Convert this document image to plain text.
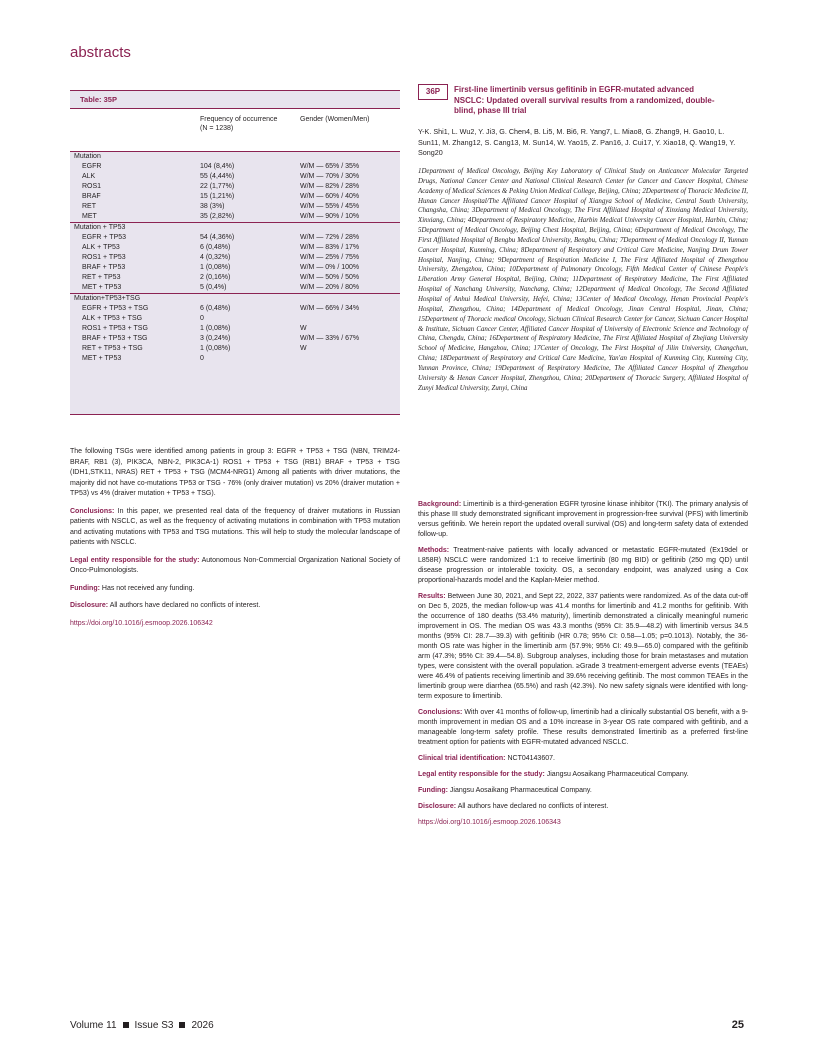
abstracts
Table: 35P
Frequency of occurrence (N = 1238)
Gender (Women/Men)
Mutation
EGFR	104 (8,4%)	W/M — 65% / 35%
ALK	55 (4,44%)	W/M — 70% / 30%
ROS1	22 (1,77%)	W/M — 82% / 28%
BRAF	15 (1,21%)	W/M — 60% / 40%
RET	38 (3%)	W/M — 55% / 45%
MET	35 (2,82%)	W/M — 90% / 10%
Mutation + TP53
EGFR + TP53	54 (4,36%)	W/M — 72% / 28%
ALK + TP53	6 (0,48%)	W/M — 83% / 17%
ROS1 + TP53	4 (0,32%)	W/M — 25% / 75%
BRAF + TP53	1 (0,08%)	W/M — 0% / 100%
RET + TP53	2 (0,16%)	W/M — 50% / 50%
MET + TP53	5 (0,4%)	W/M — 20% / 80%
Mutation+TP53+TSG
EGFR + TP53 + TSG	6 (0,48%)	W/M — 66% / 34%
ALK + TP53 + TSG	0
ROS1 + TP53 + TSG	1 (0,08%)	W
BRAF + TP53 + TSG	3 (0,24%)	W/M — 33% / 67%
RET + TP53 + TSG	1 (0,08%)	W
MET + TP53	0

The following TSGs were identified among patients in group 3: EGFR + TP53 + TSG (NBN, TRIM24-BRAF, RB1 (3), PIK3CA, NBN-2, PIK3CA-1) ROS1 + TP53 + TSG (RB1) BRAF + TP53 + TSG (IDH1,STK11, NRAS) RET + TP53 + TSG (MCM4-NRG1) Among all patients with driver mutations, the majority did not have co-mutations TP53 or TSG - 76% (only draiver mutation) vs 20% (draiver mutation + TP53) vs 4% (draiver mutation + TP53 + TSG).

Conclusions: In this paper, we presented real data of the frequency of draiver mutations in Russian patients with NSCLC, as well as the frequency of activating mutations in combination with TP53 mutation and activating mutations with TP53 and TSG mutations. This will help to study the molecular landscape of patients with NSCLC.

Legal entity responsible for the study: Autonomous Non-Commercial Organization National Society of Onco-Pulmonologists.

Funding: Has not received any funding.

Disclosure: All authors have declared no conflicts of interest.

https://doi.org/10.1016/j.esmoop.2026.106342

36P	First-line limertinib versus gefitinib in EGFR-mutated advanced NSCLC: Updated overall survival results from a randomized, double-blind, phase III trial
Y-K. Shi1, L. Wu2, Y. Ji3, G. Chen4, B. Li5, M. Bi6, R. Yang7, L. Miao8, G. Zhang9, H. Gao10, L. Sun11, M. Zhang12, S. Cang13, M. Sun14, W. Yao15, Z. Pan16, J. Cui17, Y. Xiao18, Q. Wang19, Y. Song20
1Department of Medical Oncology, Beijing Key Laboratory of Clinical Study on Anticancer Molecular Targeted Drugs, National Cancer Center and National Clinical Research Center for Cancer and Cancer Hospital, Chinese Academy of Medical Sciences & Peking Union Medical College, Beijing, China; 2Department of Thoracic Medicine II, Hunan Cancer Hospital/The Affiliated Cancer Hospital of Xiangya School of Medicine, Central South University, Changsha, China; 3Department of Medical Oncology, The First Affiliated Hospital of Xinxiang Medical University, Xinxiang, China; 4Department of Respiratory Medicine, Harbin Medical University Cancer Hospital, Harbin, China; 5Department of Medical Oncology, Beijing Chest Hospital, Beijing, China; 6Department of Medical Oncology, The First Affiliated Hospital of Bengbu Medical University, Bengbu, China; 7Department of Medical Oncology II, Yunnan Cancer Hospital, Kunming, China; 8Department of Respiratory and Critical Care Medicine, Nanjing Drum Tower Hospital, Nanjing, China; 9Department of Respiration Medicine I, The First Affiliated Hospital of Zhengzhou University, Zhengzhou, China; 10Department of Pulmonary Oncology, Fifth Medical Center of Chinese People's Liberation Army General Hospital, Beijing, China; 11Department of Respiratory Medicine, The First Affiliated Hospital of Nanchang University, Nanchang, China; 12Department of Medical Oncology, The Second Affiliated Hospital of Anhui Medical University, Hefei, China; 13Center of Medical Oncology, Henan Provincial People's Hospital, Zhengzhou, China; 14Department of Medical Oncology, Jinan Central Hospital, Jinan, China; 15Department of Thoracic medical Oncology, Sichuan Clinical Research Center for Cancer, Sichuan Cancer Hospital & Institute, Sichuan Cancer Center, Affiliated Cancer Hospital of University of Electronic Science and Technology of China, Chengdu, China; 16Department of Respiratory Medicine, The First Affiliated Hospital of Zhejiang University School of Medicine, Hangzhou, China; 17Center of Oncology, The First Hospital of Jilin University, Changchun, China; 18Department of Respiratory and Critical Care Medicine, Yan'an Hospital of Kunming City, Kunming City, Yunnan Province, China; 19Department of Respiratory Medicine, The Affiliated Cancer Hospital of Zhengzhou University & Henan Cancer Hospital, Zhengzhou, China; 20Department of Thoracic Surgery, Affiliated Hospital of Zunyi Medical University, Zunyi, China

Background: Limertinib is a third-generation EGFR tyrosine kinase inhibitor (TKI). The primary analysis of this phase III study demonstrated significant improvement in progression-free survival (PFS) with limertinib versus gefitinib. We herein report the updated overall survival (OS) and long-term safety data of extended follow-up.

Methods: Treatment-naive patients with locally advanced or metastatic EGFR-mutated (Ex19del or L858R) NSCLC were randomized 1:1 to receive limertinib (80 mg BID) or gefitinib (250 mg QD) until disease progression or intolerable toxicity. OS, a secondary endpoint, was analyzed using a Cox proportional-hazards model and the Kaplan-Meier method.

Results: Between June 30, 2021, and Sept 22, 2022, 337 patients were randomized. As of the data cut-off on Dec 5, 2025, the median follow-up was 41.4 months for limertinib and 41.2 months for gefitinib. With the occurrence of 180 deaths (53.4% maturity), limertinib demonstrated a clinically meaningful numeric improvement in OS. The median OS was 43.3 months (95% CI: 35.9—48.2) with limertinib versus 34.5 months (95% CI: 28.7—39.3) with gefitinib (HR 0.78; 95% CI: 0.58—1.05; p=0.1013). Notably, the 36-month OS rate was higher in the limertinib arm (57.9%; 95% CI: 49.9—65.0) compared with the gefitinib arm (47.3%; 95% CI: 39.4—54.8). Subgroup analyses, including those for brain metastases and mutation types, were consistent with the overall population. ≥Grade 3 treatment-emergent adverse events (TEAEs) were 46.4% of patients receiving limertinib and 39.6% receiving gefitinib. The most common TEAEs in the limertinib group were diarrhea (65.5%) and rash (42.3%). No new safety signals were identified with long-term exposure to limertinib.

Conclusions: With over 41 months of follow-up, limertinib had a clinically substantial OS benefit, with a 9-month improvement in median OS and a 10% increase in 3-year OS rate compared with gefitinib, and a manageable long-term safety profile. These results demonstrated limertinib as a preferred first-line treatment option for patients with EGFR-mutated advanced NSCLC.

Clinical trial identification: NCT04143607.

Legal entity responsible for the study: Jiangsu Aosaikang Pharmaceutical Company.

Funding: Jiangsu Aosaikang Pharmaceutical Company.

Disclosure: All authors have declared no conflicts of interest.

https://doi.org/10.1016/j.esmoop.2026.106343

Volume 11 Issue S3 2026	25
